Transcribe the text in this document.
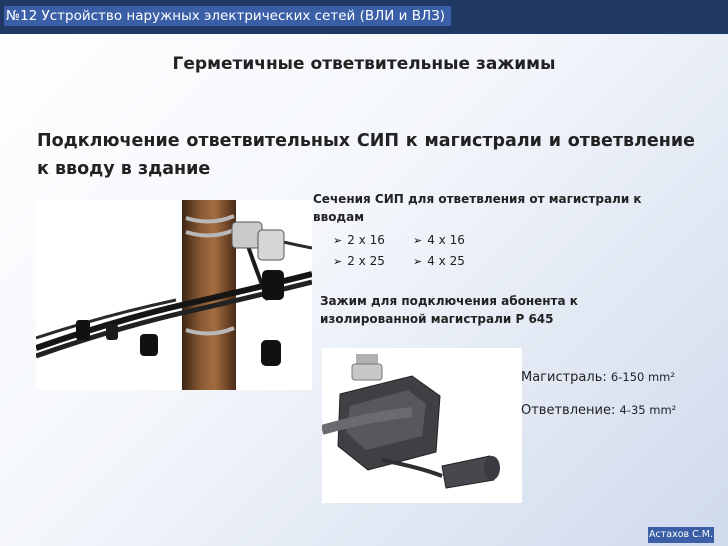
№12 Устройство наружных электрических сетей (ВЛИ и ВЛЗ)
Герметичные ответвительные зажимы
Подключение ответвительных СИП к магистрали и ответвление к вводу в здание
Сечения СИП для ответвления от магистрали к вводам
➢ 2 х 16	➢ 4 х 16
➢ 2 х 25	➢ 4 х 25
Зажим для подключения абонента к изолированной магистрали Р 645
Магистраль: 6-150 mm²
Ответвление: 4-35 mm²
Астахов С.М.
